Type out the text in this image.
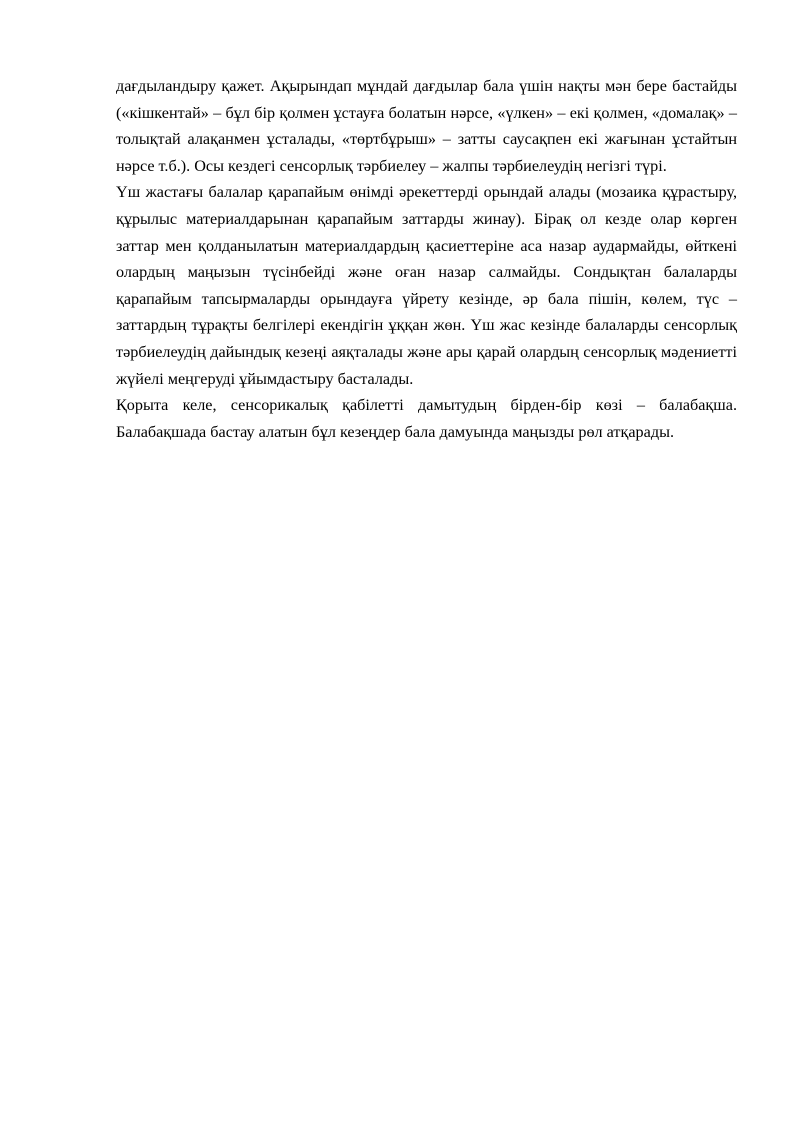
дағдыландыру қажет. Ақырындап мұндай дағдылар бала үшін нақты мән бере бастайды («кішкентай» – бұл бір қолмен ұстауға болатын нәрсе, «үлкен» – екі қолмен, «домалақ» – толықтай алақанмен ұсталады, «төртбұрыш» – затты саусақпен екі жағынан ұстайтын нәрсе т.б.). Осы кездегі сенсорлық тәрбиелеу – жалпы тәрбиелеудің негізгі түрі.

Үш жастағы балалар қарапайым өнімді әрекеттерді орындай алады (мозаика құрастыру, құрылыс материалдарынан қарапайым заттарды жинау). Бірақ ол кезде олар көрген заттар мен қолданылатын материалдардың қасиеттеріне аса назар аудармайды, өйткені олардың маңызын түсінбейді және оған назар салмайды. Сондықтан балаларды қарапайым тапсырмаларды орындауға үйрету кезінде, әр бала пішін, көлем, түс – заттардың тұрақты белгілері екендігін ұққан жөн. Үш жас кезінде балаларды сенсорлық тәрбиелеудің дайындық кезеңі аяқталады және ары қарай олардың сенсорлық мәдениетті жүйелі меңгеруді ұйымдастыру басталады.

Қорыта келе, сенсорикалық қабілетті дамытудың бірден-бір көзі – балабақша. Балабақшада бастау алатын бұл кезеңдер бала дамуында маңызды рөл атқарады.
